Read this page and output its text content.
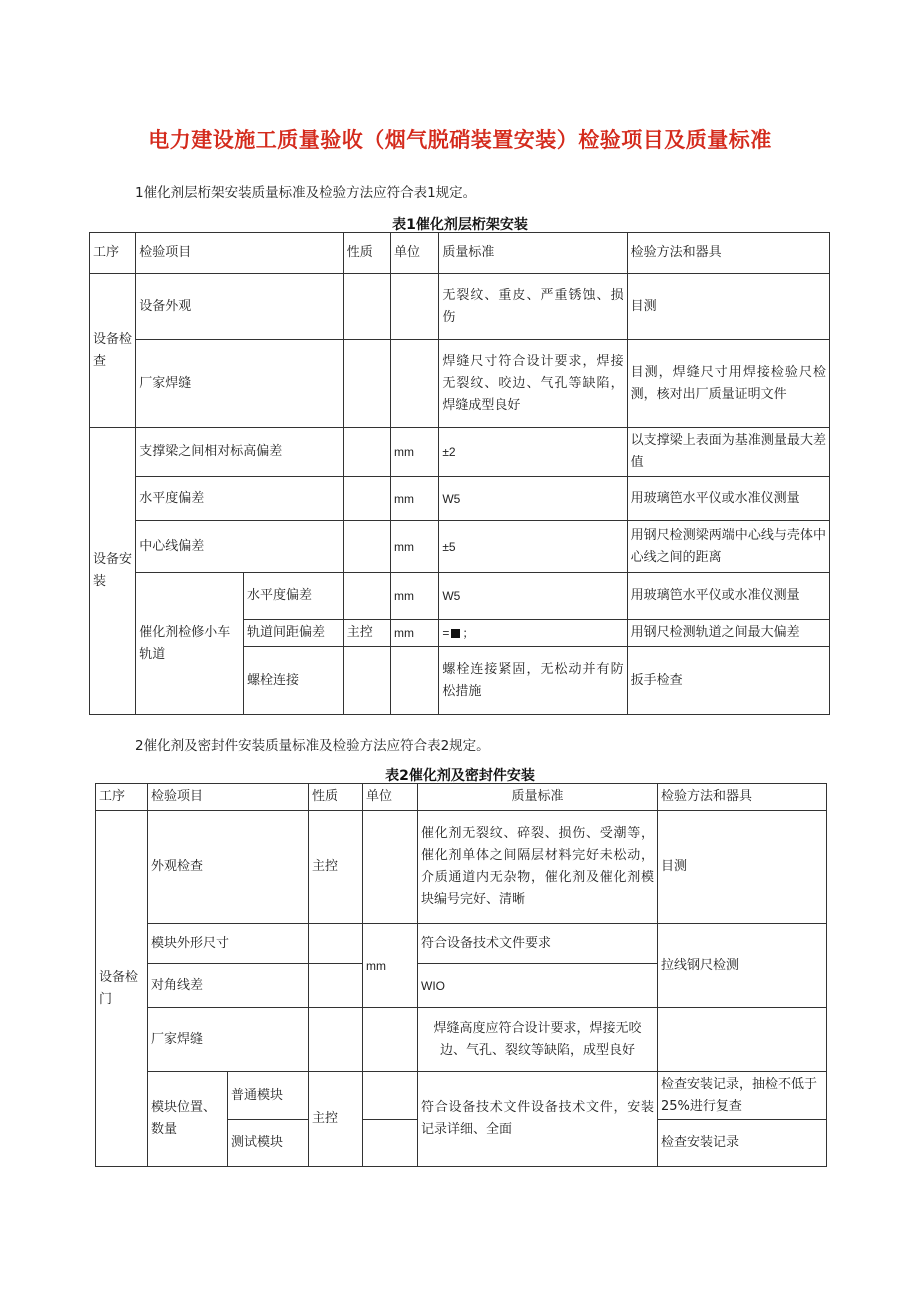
电力建设施工质量验收（烟气脱硝装置安装）检验项目及质量标准
1催化剂层桁架安装质量标准及检验方法应符合表1规定。
表1催化剂层桁架安装
工序	检验项目		性质	单位	质量标准	检验方法和器具
设备检查	设备外观				无裂纹、重皮、严重锈蚀、损伤	目测
	厂家焊缝				焊缝尺寸符合设计要求，焊接无裂纹、咬边、气孔等缺陷，焊缝成型良好	目测，焊缝尺寸用焊接检验尺检测，核对出厂质量证明文件
设备安装	支撑梁之间相对标高偏差			mm	±2	以支撑梁上表面为基准测量最大差值
	水平度偏差			mm	W5	用玻璃笆水平仪或水准仪测量
	中心线偏差			mm	±5	用钢尺检测梁两端中心线与壳体中心线之间的距离
	催化剂检修小车轨道	水平度偏差		mm	W5	用玻璃笆水平仪或水准仪测量
		轨道间距偏差	主控	mm	= ；	用钢尺检测轨道之间最大偏差
		螺栓连接			螺栓连接紧固，无松动并有防松措施	扳手检查
2催化剂及密封件安装质量标准及检验方法应符合表2规定。
表2催化剂及密封件安装
工序	检验项目		性质	单位	质量标准	检验方法和器具
设备检门	外观检查		主控		催化剂无裂纹、碎裂、损伤、受潮等，催化剂单体之间隔层材料完好未松动，介质通道内无杂物，催化剂及催化剂模块编号完好、清晰	目测
	模块外形尺寸			mm	符合设备技术文件要求	拉线钢尺检测
	对角线差				WIO	
	厂家焊缝				焊缝高度应符合设计要求，焊接无咬边、气孔、裂纹等缺陷，成型良好	
	模块位置、数量	普通模块	主控		符合设备技术文件设备技术文件，安装记录详细、全面	检查安装记录，抽检不低于25%进行复查
		测试模块				检查安装记录
